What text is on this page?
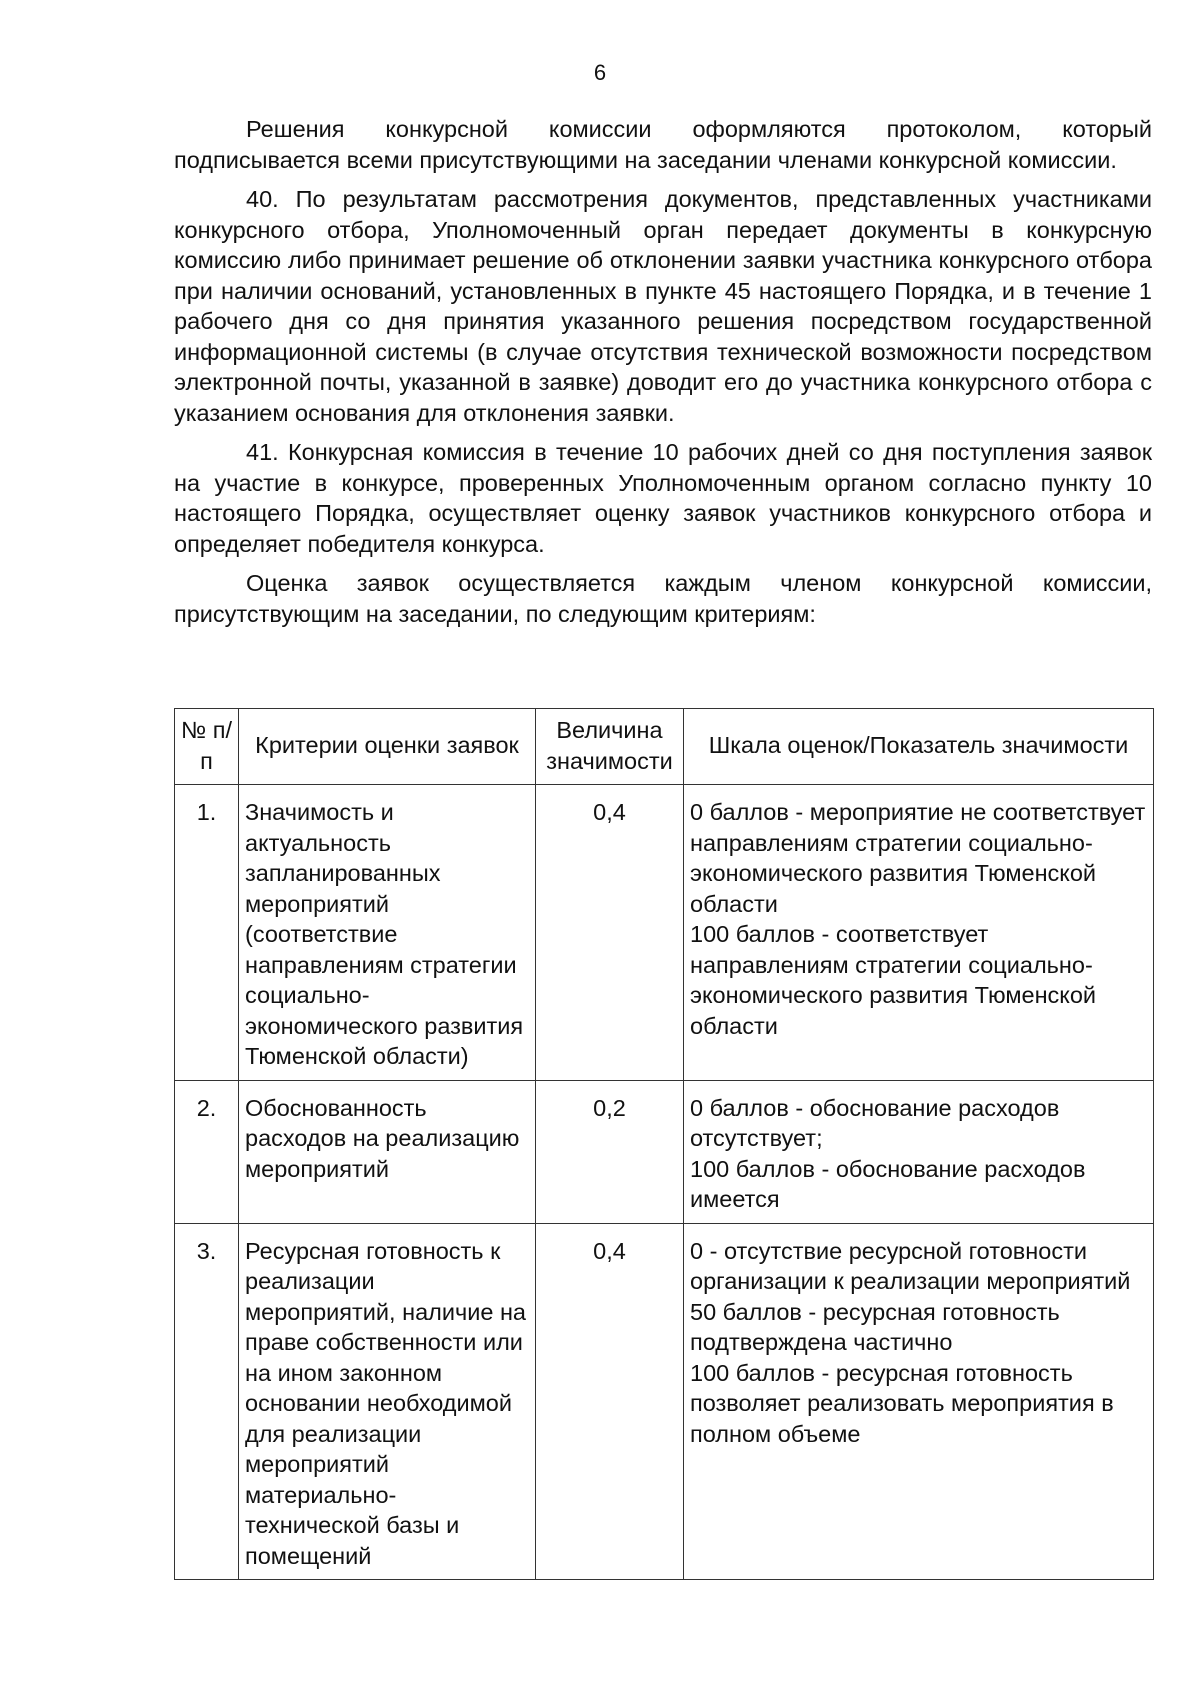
6

Решения конкурсной комиссии оформляются протоколом, который подписывается всеми присутствующими на заседании членами конкурсной комиссии.

40. По результатам рассмотрения документов, представленных участниками конкурсного отбора, Уполномоченный орган передает документы в конкурсную комиссию либо принимает решение об отклонении заявки участника конкурсного отбора при наличии оснований, установленных в пункте 45 настоящего Порядка, и в течение 1 рабочего дня со дня принятия указанного решения посредством государственной информационной системы (в случае отсутствия технической возможности посредством электронной почты, указанной в заявке) доводит его до участника конкурсного отбора с указанием основания для отклонения заявки.

41. Конкурсная комиссия в течение 10 рабочих дней со дня поступления заявок на участие в конкурсе, проверенных Уполномоченным органом согласно пункту 10 настоящего Порядка, осуществляет оценку заявок участников конкурсного отбора и определяет победителя конкурса.

Оценка заявок осуществляется каждым членом конкурсной комиссии, присутствующим на заседании, по следующим критериям:

№ п/п	Критерии оценки заявок	Величина значимости	Шкала оценок/Показатель значимости
1.	Значимость и актуальность запланированных мероприятий (соответствие направлениям стратегии социально-экономического развития Тюменской области)	0,4	0 баллов - мероприятие не соответствует направлениям стратегии социально-экономического развития Тюменской области
100 баллов - соответствует направлениям стратегии социально-экономического развития Тюменской области

2.	Обоснованность расходов на реализацию мероприятий	0,2	0 баллов - обоснование расходов отсутствует;
100 баллов - обоснование расходов имеется

3.	Ресурсная готовность к реализации мероприятий, наличие на праве собственности или на ином законном основании необходимой для реализации мероприятий материально-технической базы и помещений	0,4	0 - отсутствие ресурсной готовности организации к реализации мероприятий
50 баллов - ресурсная готовность подтверждена частично
100 баллов - ресурсная готовность позволяет реализовать мероприятия в полном объеме
